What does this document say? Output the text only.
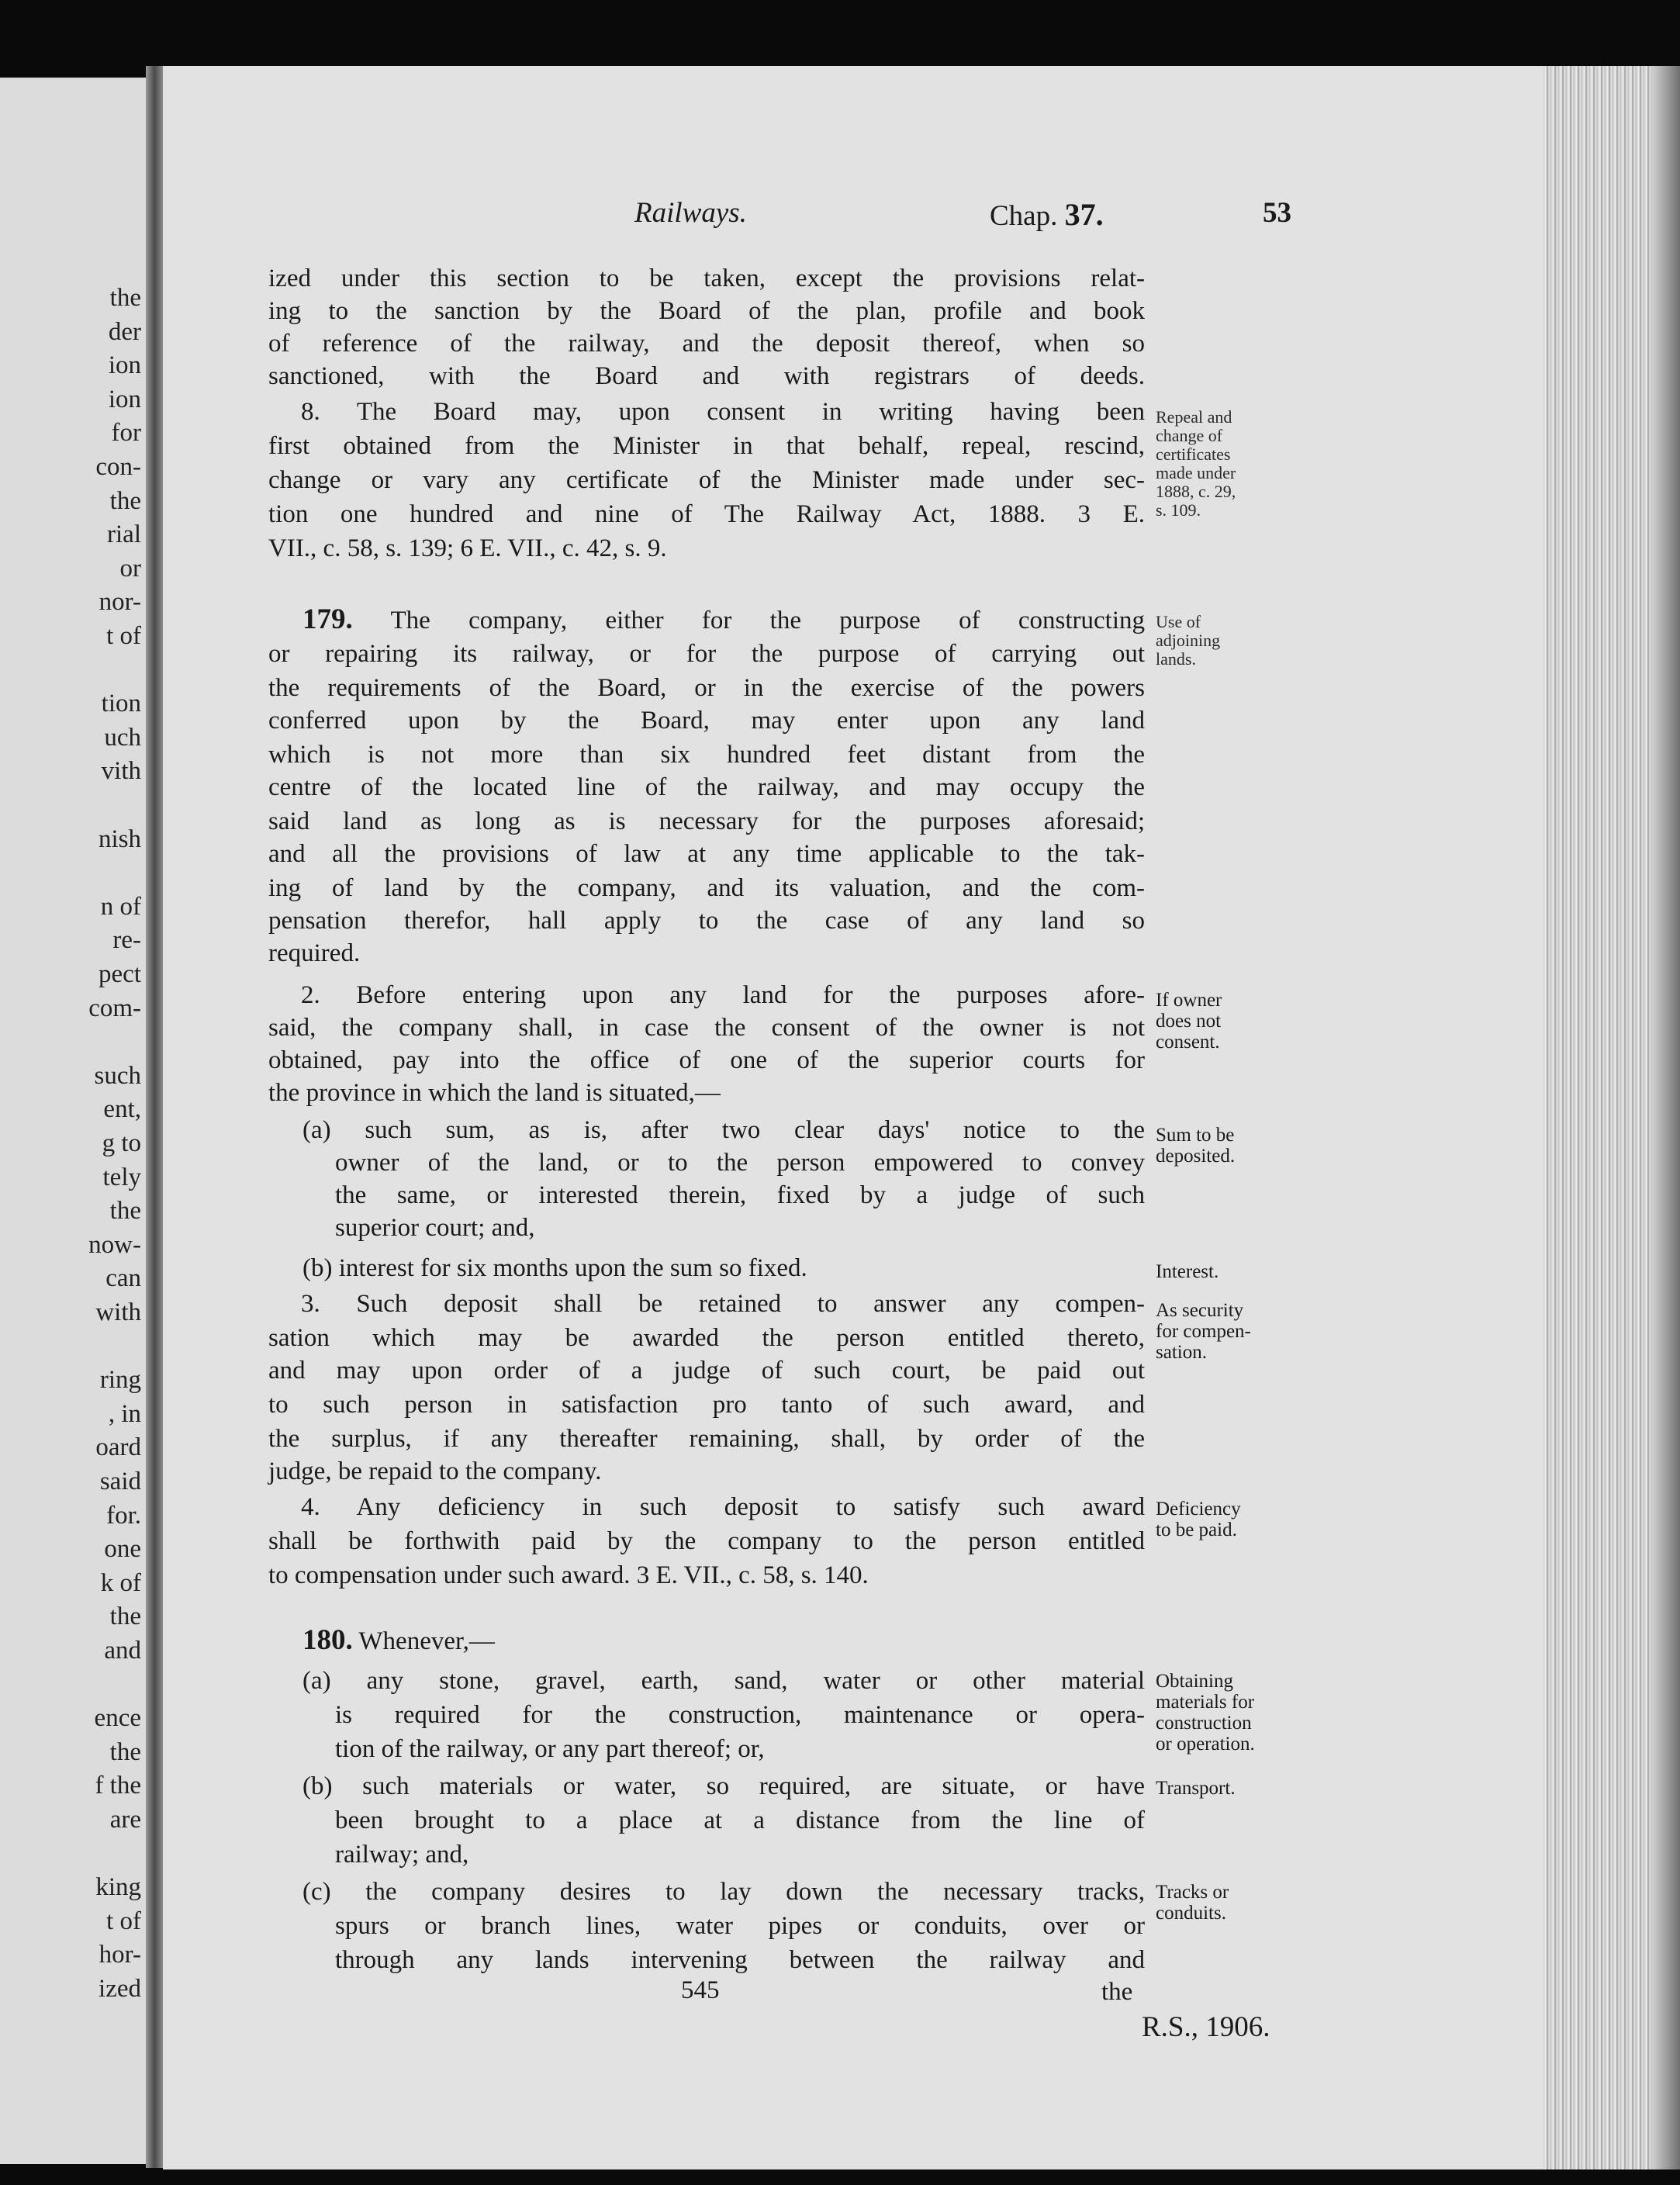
the
der
ion
ion
for
con-
the
rial
or
nor-
t of
tion
uch
vith
nish
n of
re-
pect
com-
such
ent,
g to
tely
the
now-
can
with
ring
, in
oard
said
for.
one
k of
the
and
ence
the
f the
are
king
t of
hor-
ized
Railways.	Chap. 37.	53
ized under this section to be taken, except the provisions relat-
ing to the sanction by the Board of the plan, profile and book
of reference of the railway, and the deposit thereof, when so
sanctioned, with the Board and with registrars of deeds.
8. The Board may, upon consent in writing having been
first obtained from the Minister in that behalf, repeal, rescind,
change or vary any certificate of the Minister made under sec-
tion one hundred and nine of The Railway Act, 1888. 3 E.
VII., c. 58, s. 139; 6 E. VII., c. 42, s. 9.
179. The company, either for the purpose of constructing
or repairing its railway, or for the purpose of carrying out
the requirements of the Board, or in the exercise of the powers
conferred upon by the Board, may enter upon any land
which is not more than six hundred feet distant from the
centre of the located line of the railway, and may occupy the
said land as long as is necessary for the purposes aforesaid;
and all the provisions of law at any time applicable to the tak-
ing of land by the company, and its valuation, and the com-
pensation therefor, hall apply to the case of any land so
required.
2. Before entering upon any land for the purposes afore-
said, the company shall, in case the consent of the owner is not
obtained, pay into the office of one of the superior courts for
the province in which the land is situated,—
(a) such sum, as is, after two clear days' notice to the
owner of the land, or to the person empowered to convey
the same, or interested therein, fixed by a judge of such
superior court; and,
(b) interest for six months upon the sum so fixed.
3. Such deposit shall be retained to answer any compen-
sation which may be awarded the person entitled thereto,
and may upon order of a judge of such court, be paid out
to such person in satisfaction pro tanto of such award, and
the surplus, if any thereafter remaining, shall, by order of the
judge, be repaid to the company.
4. Any deficiency in such deposit to satisfy such award
shall be forthwith paid by the company to the person entitled
to compensation under such award. 3 E. VII., c. 58, s. 140.
180. Whenever,—
(a) any stone, gravel, earth, sand, water or other material
is required for the construction, maintenance or opera-
tion of the railway, or any part thereof; or,
(b) such materials or water, so required, are situate, or have
been brought to a place at a distance from the line of
railway; and,
(c) the company desires to lay down the necessary tracks,
spurs or branch lines, water pipes or conduits, over or
through any lands intervening between the railway and
Repeal and
change of
certificates
made under
1888, c. 29,
s. 109.
Use of
adjoining
lands.
If owner
does not
consent.
Sum to be
deposited.
Interest.
As security
for compen-
sation.
Deficiency
to be paid.
Obtaining
materials for
construction
or operation.
Transport.
Tracks or
conduits.
545	the
R.S., 1906.
